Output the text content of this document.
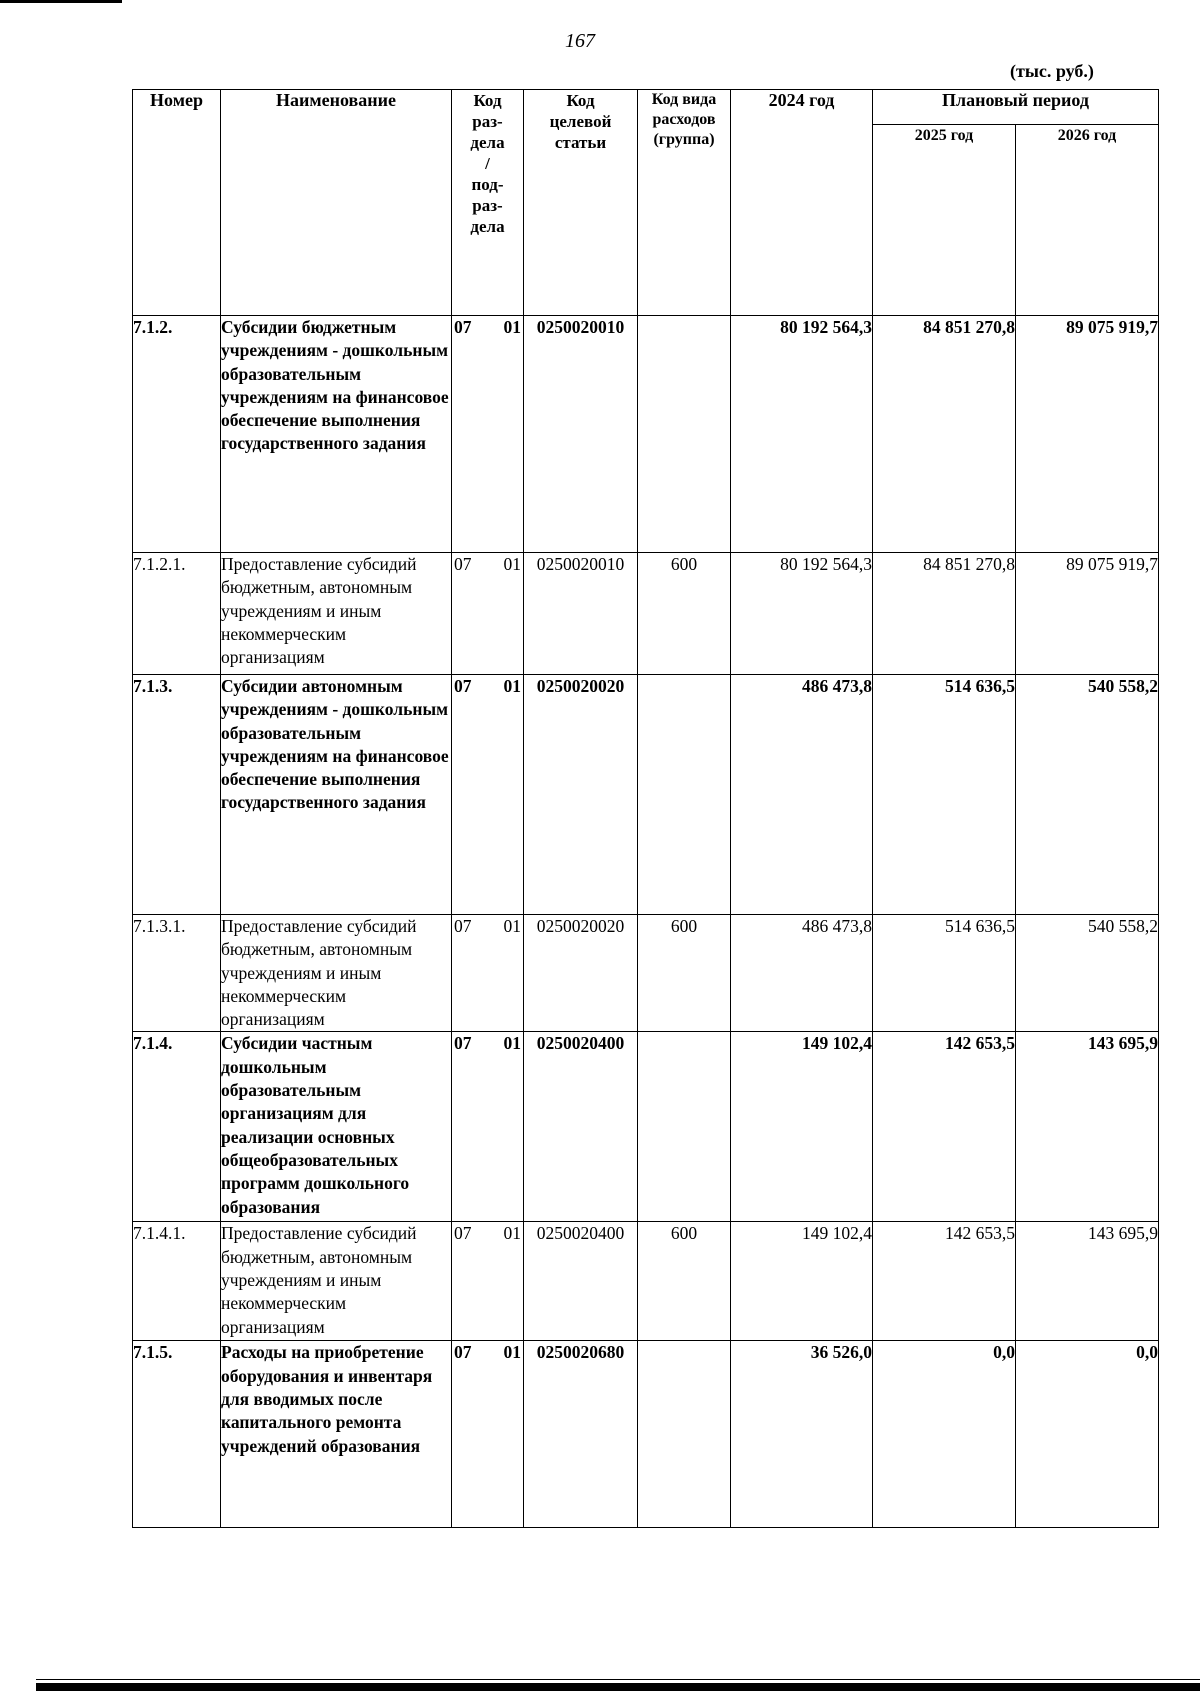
167
(тыс. руб.)
Номер	Наименование	Код раз-дела/ под-раз-дела	Код целевой статьи	Код вида расходов (группа)	2024 год	Плановый период	
						2025 год	2026 год
7.1.2.	Субсидии бюджетным учреждениям - дошкольным образовательным учреждениям на финансовое обеспечение выполнения государственного задания	07 01	0250020010		80 192 564,3	84 851 270,8	89 075 919,7
7.1.2.1.	Предоставление субсидий бюджетным, автономным учреждениям и иным некоммерческим организациям	07 01	0250020010	600	80 192 564,3	84 851 270,8	89 075 919,7
7.1.3.	Субсидии автономным учреждениям - дошкольным образовательным учреждениям на финансовое обеспечение выполнения государственного задания	07 01	0250020020		486 473,8	514 636,5	540 558,2
7.1.3.1.	Предоставление субсидий бюджетным, автономным учреждениям и иным некоммерческим организациям	07 01	0250020020	600	486 473,8	514 636,5	540 558,2
7.1.4.	Субсидии частным дошкольным образовательным организациям для реализации основных общеобразовательных программ дошкольного образования	07 01	0250020400		149 102,4	142 653,5	143 695,9
7.1.4.1.	Предоставление субсидий бюджетным, автономным учреждениям и иным некоммерческим организациям	07 01	0250020400	600	149 102,4	142 653,5	143 695,9
7.1.5.	Расходы на приобретение оборудования и инвентаря для вводимых после капитального ремонта учреждений образования	07 01	0250020680		36 526,0	0,0	0,0
